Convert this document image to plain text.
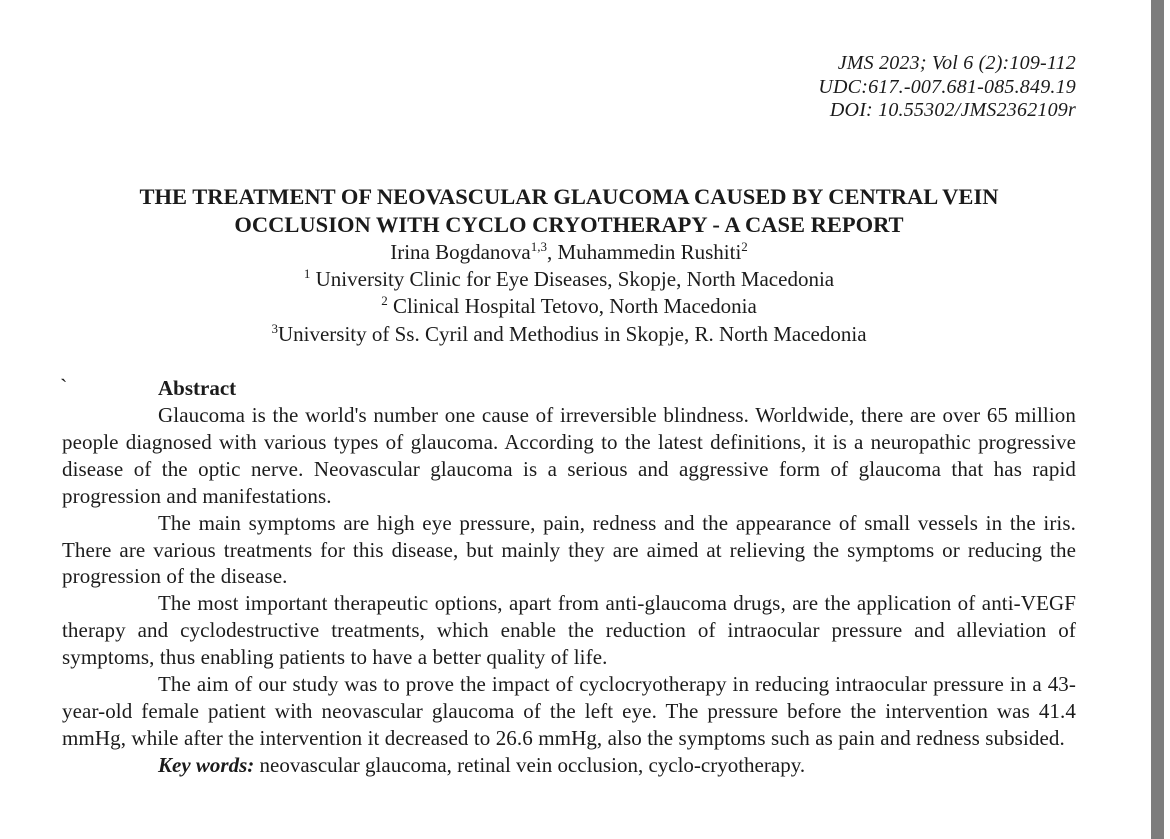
JMS 2023; Vol 6 (2):109-112
UDC:617.-007.681-085.849.19
DOI: 10.55302/JMS2362109r
THE TREATMENT OF NEOVASCULAR GLAUCOMA CAUSED BY CENTRAL VEIN
OCCLUSION WITH CYCLO CRYOTHERAPY - A CASE REPORT
Irina Bogdanova$^{1,3}$, Muhammedin Rushiti$^2$
$^1$ University Clinic for Eye Diseases, Skopje, North Macedonia
$^2$ Clinical Hospital Tetovo, North Macedonia
$^3$University of Ss. Cyril and Methodius in Skopje, R. North Macedonia
`	Abstract

Glaucoma is the world's number one cause of irreversible blindness. Worldwide, there are over 65 million people diagnosed with various types of glaucoma. According to the latest definitions, it is a neuropathic progressive disease of the optic nerve. Neovascular glaucoma is a serious and aggressive form of glaucoma that has rapid progression and manifestations.

The main symptoms are high eye pressure, pain, redness and the appearance of small vessels in the iris. There are various treatments for this disease, but mainly they are aimed at relieving the symptoms or reducing the progression of the disease.

The most important therapeutic options, apart from anti-glaucoma drugs, are the application of anti-VEGF therapy and cyclodestructive treatments, which enable the reduction of intraocular pressure and alleviation of symptoms, thus enabling patients to have a better quality of life.

The aim of our study was to prove the impact of cyclocryotherapy in reducing intraocular pressure in a 43-year-old female patient with neovascular glaucoma of the left eye. The pressure before the intervention was 41.4 mmHg, while after the intervention it decreased to 26.6 mmHg, also the symptoms such as pain and redness subsided.

Key words: neovascular glaucoma, retinal vein occlusion, cyclo-cryotherapy.
